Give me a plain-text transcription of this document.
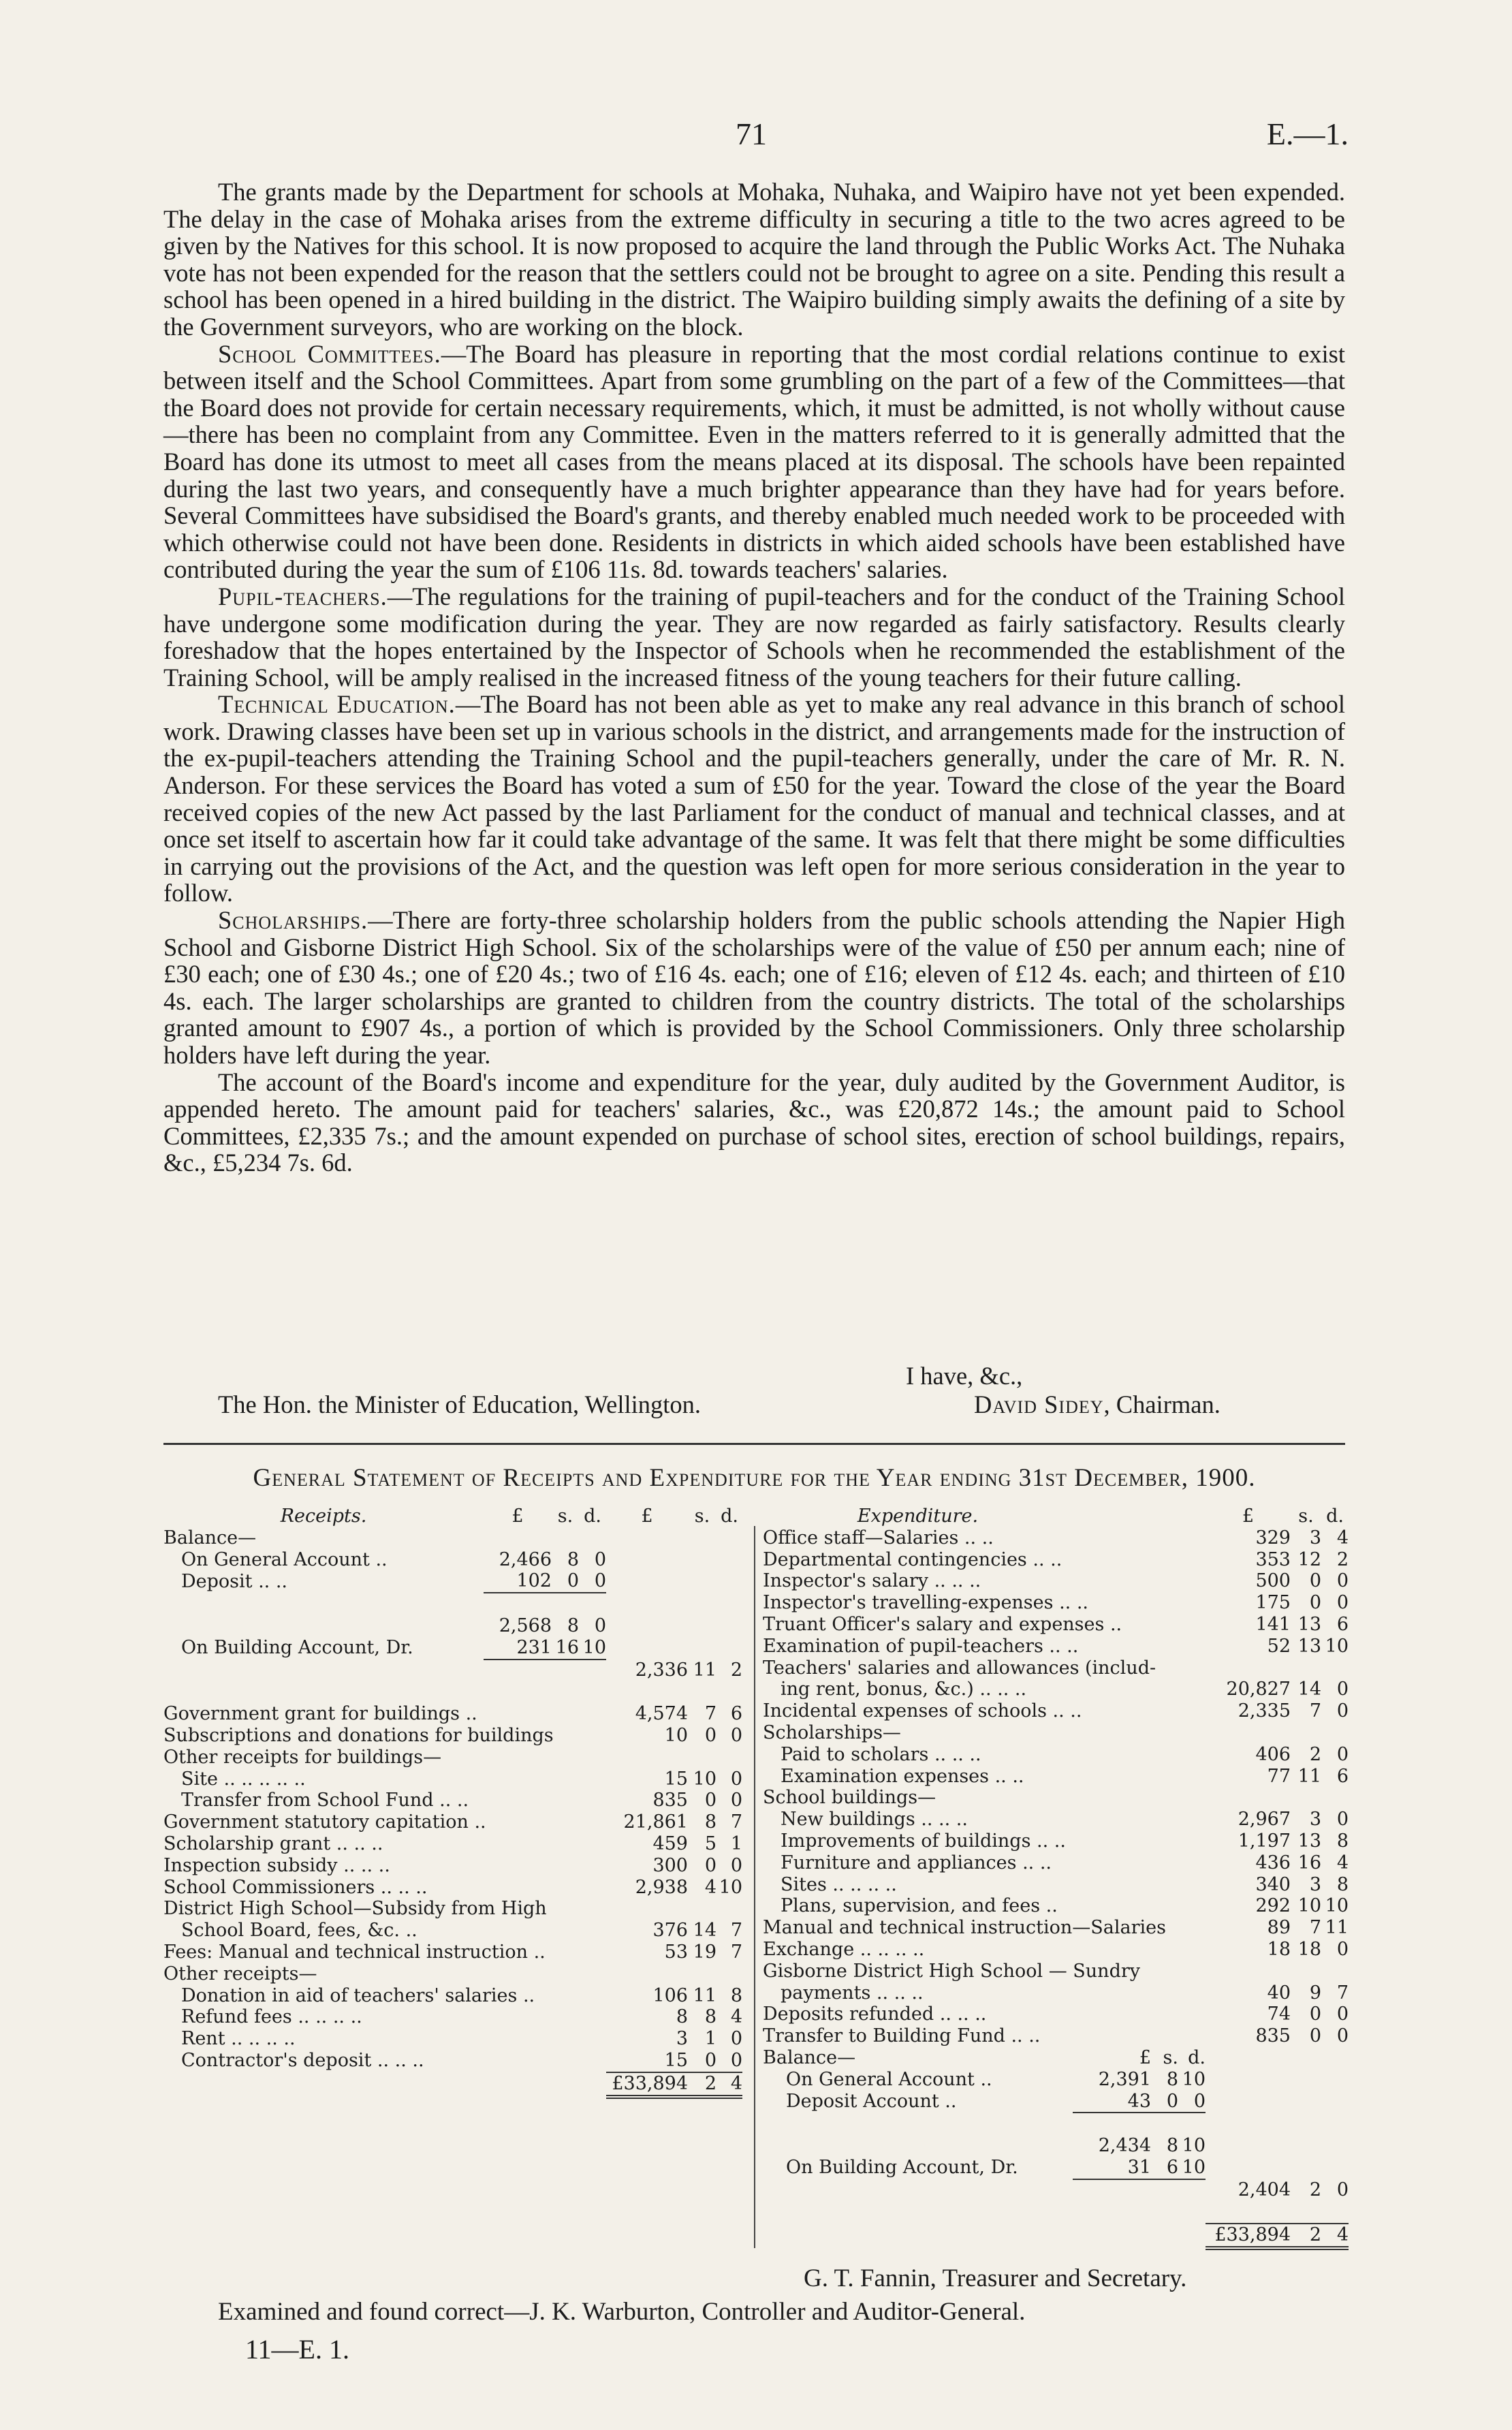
71	E.—1.

The grants made by the Department for schools at Mohaka, Nuhaka, and Waipiro have not yet been expended. The delay in the case of Mohaka arises from the extreme difficulty in securing a title to the two acres agreed to be given by the Natives for this school. It is now proposed to acquire the land through the Public Works Act. The Nuhaka vote has not been expended for the reason that the settlers could not be brought to agree on a site. Pending this result a school has been opened in a hired building in the district. The Waipiro building simply awaits the defining of a site by the Government surveyors, who are working on the block.

School Committees.—The Board has pleasure in reporting that the most cordial relations continue to exist between itself and the School Committees. Apart from some grumbling on the part of a few of the Committees—that the Board does not provide for certain necessary requirements, which, it must be admitted, is not wholly without cause—there has been no complaint from any Committee. Even in the matters referred to it is generally admitted that the Board has done its utmost to meet all cases from the means placed at its disposal. The schools have been repainted during the last two years, and consequently have a much brighter appearance than they have had for years before. Several Committees have subsidised the Board's grants, and thereby enabled much needed work to be proceeded with which otherwise could not have been done. Residents in districts in which aided schools have been established have contributed during the year the sum of £106 11s. 8d. towards teachers' salaries.

Pupil-teachers.—The regulations for the training of pupil-teachers and for the conduct of the Training School have undergone some modification during the year. They are now regarded as fairly satisfactory. Results clearly foreshadow that the hopes entertained by the Inspector of Schools when he recommended the establishment of the Training School, will be amply realised in the increased fitness of the young teachers for their future calling.

Technical Education.—The Board has not been able as yet to make any real advance in this branch of school work. Drawing classes have been set up in various schools in the district, and arrangements made for the instruction of the ex-pupil-teachers attending the Training School and the pupil-teachers generally, under the care of Mr. R. N. Anderson. For these services the Board has voted a sum of £50 for the year. Toward the close of the year the Board received copies of the new Act passed by the last Parliament for the conduct of manual and technical classes, and at once set itself to ascertain how far it could take advantage of the same. It was felt that there might be some difficulties in carrying out the provisions of the Act, and the question was left open for more serious consideration in the year to follow.

Scholarships.—There are forty-three scholarship holders from the public schools attending the Napier High School and Gisborne District High School. Six of the scholarships were of the value of £50 per annum each; nine of £30 each; one of £30 4s.; one of £20 4s.; two of £16 4s. each; one of £16; eleven of £12 4s. each; and thirteen of £10 4s. each. The larger scholarships are granted to children from the country districts. The total of the scholarships granted amount to £907 4s., a portion of which is provided by the School Commissioners. Only three scholarship holders have left during the year.

The account of the Board's income and expenditure for the year, duly audited by the Government Auditor, is appended hereto. The amount paid for teachers' salaries, &c., was £20,872 14s.; the amount paid to School Committees, £2,335 7s.; and the amount expended on purchase of school sites, erection of school buildings, repairs, &c., £5,234 7s. 6d.

I have, &c.,
The Hon. the Minister of Education, Wellington.	David Sidey, Chairman.
General Statement of Receipts and Expenditure for the Year ending 31st December, 1900.
Receipts.	£	s.	d.	£	s.	d.
Balance—						
On General Account ..	2,466	8	0			
Deposit .. ..	102	0	0			

	2,568	8	0			
On Building Account, Dr.	231	16	10			
				2,336	11	2

Government grant for buildings ..				4,574	7	6
Subscriptions and donations for buildings				10	0	0
Other receipts for buildings—						
Site .. .. .. .. ..				15	10	0
Transfer from School Fund .. ..				835	0	0
Government statutory capitation ..				21,861	8	7
Scholarship grant .. .. ..				459	5	1
Inspection subsidy .. .. ..				300	0	0
School Commissioners .. .. ..				2,938	4	10
District High School—Subsidy from High						
School Board, fees, &c. ..				376	14	7
Fees: Manual and technical instruction ..				53	19	7
Other receipts—						
Donation in aid of teachers' salaries ..				106	11	8
Refund fees .. .. .. ..				8	8	4
Rent .. .. .. ..				3	1	0
Contractor's deposit .. .. ..				15	0	0
				£33,894	2	4
Expenditure.				£	s.	d.
Office staff—Salaries .. ..				329	3	4
Departmental contingencies .. ..				353	12	2
Inspector's salary .. .. ..				500	0	0
Inspector's travelling-expenses .. ..				175	0	0
Truant Officer's salary and expenses ..				141	13	6
Examination of pupil-teachers .. ..				52	13	10
Teachers' salaries and allowances (includ-						
ing rent, bonus, &c.) .. .. ..				20,827	14	0
Incidental expenses of schools .. ..				2,335	7	0
Scholarships—						
Paid to scholars .. .. ..				406	2	0
Examination expenses .. ..				77	11	6
School buildings—						
New buildings .. .. ..				2,967	3	0
Improvements of buildings .. ..				1,197	13	8
Furniture and appliances .. ..				436	16	4
Sites .. .. .. ..				340	3	8
Plans, supervision, and fees ..				292	10	10
Manual and technical instruction—Salaries				89	7	11
Exchange .. .. .. ..				18	18	0
Gisborne District High School — Sundry						
payments .. .. ..				40	9	7
Deposits refunded .. .. ..				74	0	0
Transfer to Building Fund .. ..				835	0	0
Balance—	£	s.	d.			
On General Account ..	2,391	8	10			
Deposit Account ..	43	0	0			

	2,434	8	10			
On Building Account, Dr.	31	6	10			
				2,404	2	0

				£33,894	2	4
G. T. Fannin, Treasurer and Secretary.
Examined and found correct—J. K. Warburton, Controller and Auditor-General.
11—E. 1.
